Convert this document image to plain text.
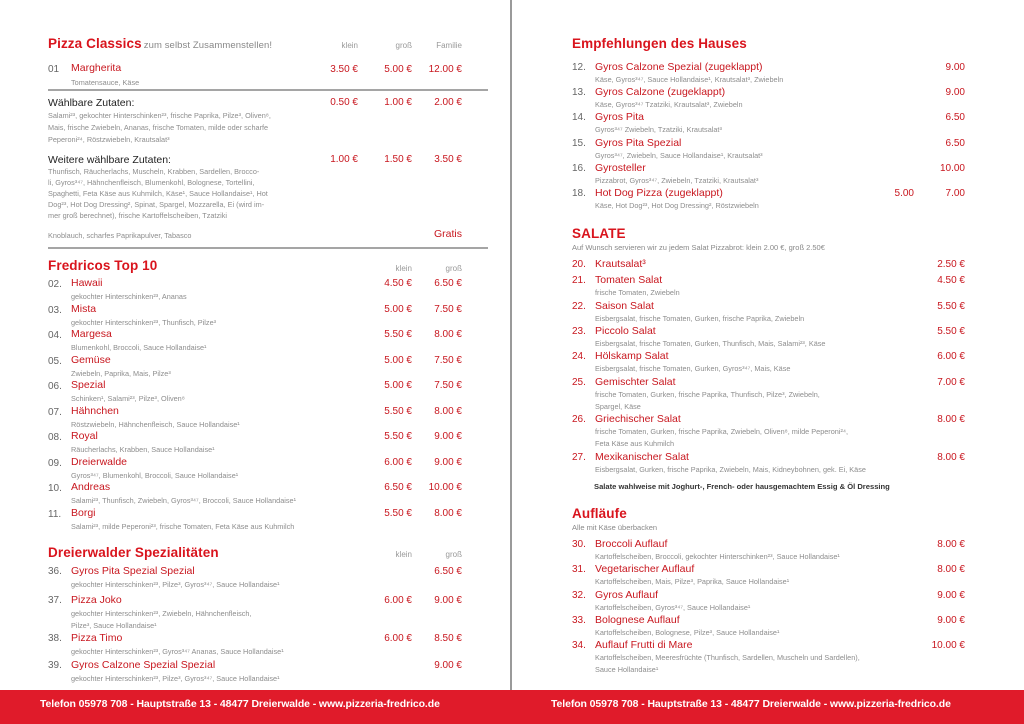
Pizza Classics zum selbst Zusammenstellen!	klein	groß	Familie
01 Margherita
Tomatensauce, Käse
3.50 €	5.00 €	12.00 €
Wählbare Zutaten:	0.50 €	1.00 €	2.00 €
Salami²³, gekochter Hinterschinken²³, frische Paprika, Pilze³, Oliven⁸,
Mais, frische Zwiebeln, Ananas, frische Tomaten, milde oder scharfe
Peperoni²⁴, Röstzwiebeln, Krautsalat³
Weitere wählbare Zutaten:	1.00 €	1.50 €	3.50 €
Thunfisch, Räucherlachs, Muscheln, Krabben, Sardellen, Brocco-
li, Gyros³⁴⁷, Hähnchenfleisch, Blumenkohl, Bolognese, Tortellini,
Spaghetti, Feta Käse aus Kuhmilch, Käse¹, Sauce Hollandaise¹, Hot
Dog²³, Hot Dog Dressing², Spinat, Spargel, Mozzarella, Ei (wird im-
mer groß berechnet), frische Kartoffelscheiben, Tzatziki
Knoblauch, scharfes Paprikapulver, Tabasco	Gratis
Fredricos Top 10	klein	groß
02. Hawaii
gekochter Hinterschinken²³, Ananas
4.50 €	6.50 €
03. Mista
gekochter Hinterschinken²³, Thunfisch, Pilze³
5.00 €	7.50 €
04. Margesa
Blumenkohl, Broccoli, Sauce Hollandaise¹
5.50 €	8.00 €
05. Gemüse
Zwiebeln, Paprika, Mais, Pilze³
5.00 €	7.50 €
06. Spezial
Schinken¹, Salami²³, Pilze³, Oliven⁸
5.00 €	7.50 €
07. Hähnchen
Röstzwiebeln, Hähnchenfleisch, Sauce Hollandaise¹
5.50 €	8.00 €
08. Royal
Räucherlachs, Krabben, Sauce Hollandaise¹
5.50 €	9.00 €
09. Dreierwalde
Gyros³⁴⁷, Blumenkohl, Broccoli, Sauce Hollandaise¹
6.00 €	9.00 €
10. Andreas
Salami²³, Thunfisch, Zwiebeln, Gyros³⁴⁷, Broccoli, Sauce Hollandaise¹
6.50 €	10.00 €
11. Borgi
Salami²³, milde Peperoni²³, frische Tomaten, Feta Käse aus Kuhmilch
5.50 €	8.00 €
Dreierwalder Spezialitäten	klein	groß
36. Gyros Pita Spezial Spezial
gekochter Hinterschinken²³, Pilze³, Gyros³⁴⁷, Sauce Hollandaise¹
6.50 €
37. Pizza Joko
gekochter Hinterschinken²³, Zwiebeln, Hähnchenfleisch,
Pilze³, Sauce Hollandaise¹
6.00 €	9.00 €
38. Pizza Timo
gekochter Hinterschinken²³, Gyros³⁴⁷ Ananas, Sauce Hollandaise¹
6.00 €	8.50 €
39. Gyros Calzone Spezial Spezial
gekochter Hinterschinken²³, Pilze³, Gyros³⁴⁷, Sauce Hollandaise¹
9.00 €
Empfehlungen des Hauses
12. Gyros Calzone Spezial (zugeklappt)
Käse, Gyros³⁴⁷, Sauce Hollandaise¹, Krautsalat³, Zwiebeln
9.00
13. Gyros Calzone (zugeklappt)
Käse, Gyros³⁴⁷ Tzatziki, Krautsalat³, Zwiebeln
9.00
14. Gyros Pita
Gyros³⁴⁷ Zwiebeln, Tzatziki, Krautsalat³
6.50
15. Gyros Pita Spezial
Gyros³⁴⁷, Zwiebeln, Sauce Hollandaise¹, Krautsalat³
6.50
16. Gyrosteller
Pizzabrot, Gyros³⁴⁷, Zwiebeln, Tzatziki, Krautsalat³
10.00
18. Hot Dog Pizza (zugeklappt)
Käse, Hot Dog²³, Hot Dog Dressing², Röstzwiebeln
5.00	7.00
SALATE
Auf Wunsch servieren wir zu jedem Salat Pizzabrot: klein 2.00 €, groß 2.50€
20. Krautsalat³	2.50 €
21. Tomaten Salat
frische Tomaten, Zwiebeln
4.50 €
22. Saison Salat
Eisbergsalat, frische Tomaten, Gurken, frische Paprika, Zwiebeln
5.50 €
23. Piccolo Salat
Eisbergsalat, frische Tomaten, Gurken, Thunfisch, Mais, Salami²³, Käse
5.50 €
24. Hölskamp Salat
Eisbergsalat, frische Tomaten, Gurken, Gyros³⁴⁷, Mais, Käse
6.00 €
25. Gemischter Salat
frische Tomaten, Gurken, frische Paprika, Thunfisch, Pilze³, Zwiebeln,
Spargel, Käse
7.00 €
26. Griechischer Salat
frische Tomaten, Gurken, frische Paprika, Zwiebeln, Oliven⁸, milde Peperoni²⁴,
Feta Käse aus Kuhmilch
8.00 €
27. Mexikanischer Salat
Eisbergsalat, Gurken, frische Paprika, Zwiebeln, Mais, Kidneybohnen, gek. Ei, Käse
8.00 €
Salate wahlweise mit Joghurt-, French- oder hausgemachtem Essig & Öl Dressing
Aufläufe
Alle mit Käse überbacken
30. Broccoli Auflauf
Kartoffelscheiben, Broccoli, gekochter Hinterschinken²³, Sauce Hollandaise¹
8.00 €
31. Vegetarischer Auflauf
Kartoffelscheiben, Mais, Pilze³, Paprika, Sauce Hollandaise¹
8.00 €
32. Gyros Auflauf
Kartoffelscheiben, Gyros³⁴⁷, Sauce Hollandaise¹
9.00 €
33. Bolognese Auflauf
Kartoffelscheiben, Bolognese, Pilze³, Sauce Hollandaise¹
9.00 €
34. Auflauf Frutti di Mare
Kartoffelscheiben, Meeresfrüchte (Thunfisch, Sardellen, Muscheln und Sardellen),
Sauce Hollandaise¹
10.00 €
Telefon 05978 708 - Hauptstraße 13 - 48477 Dreierwalde - www.pizzeria-fredrico.de	Telefon 05978 708 - Hauptstraße 13 - 48477 Dreierwalde - www.pizzeria-fredrico.de
